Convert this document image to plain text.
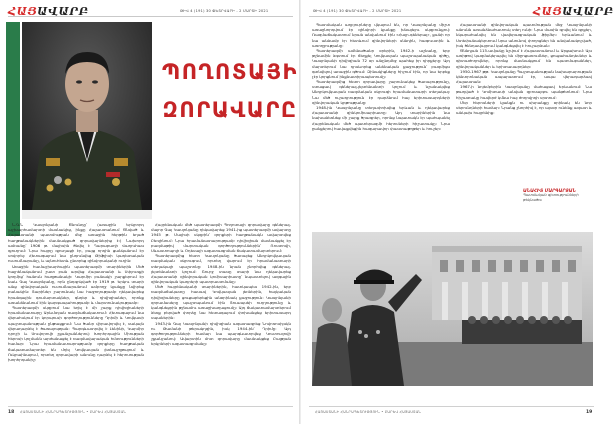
ՀԱՅԱՎԱՐԲ	ԹԻՎ 4 (191) 30 ՓԵՏՐՎԱՐԻ - 2 ՄԱՐՏԻ 2021
ՊՈՂՈՏԱՅԻ
ԶՈՐԱՎԱՐԸ

Ն.Գ.Ն Կասլոնյանի Ծնունդը՝ (առաջին Երկրորդ աշխարհամարտի մասնակից, ինքը Հայաստանում Ծնված և Հայաստանի պատմության մեջ առաջին հերթին եղած հաղթանակներին մասնակցած զորավարներից է։) Նախորդ ամռանը՝ 1906 թ. մայիսին ծնվել է Ղարաբաղի Վաղուհաս գյուղում։ Նրա հայրը գյուղացի էր, բայց որդին ցանկանում էր սովորել։ Հետագայում նա ընդունվեց Թիֆլիսի կադետական ուսումնարանը, և այնուհետև ընտրեց զինվորականի ուղին։

Առաջին համաշխարհային պատերազմի տարիներին Մեծ հայրենականում շատ բան արվեց Հայաստանի և Սփյուռքի կողմից՝ հանուն հաղթանակի։ Կարմիր բանակի շարքերում էր նաև Գայ Կասլոնյանը, որն ընդգրկված էր 1919 թ. Երկու տարի անց զինվորական ուսումնարանում ամբողջ կյանքը նվիրեց բանակին։ Տարիներ շարունակ նա հաջողությամբ ղեկավարեց հրաձգային գումարտակներ, գնդեր և դիվիզիաներ, որոնք առանձնանում էին կարգապահությամբ և մարտունակությամբ։

Պատերազմի սկզբում նա եղել է մի շարք դիվիզիաների հրամանատարը Արևմտյան ռազմաճակատում։ Հետագայում նա վերահսկում էր կորպուսի գործողությունները Ղրիմի և Կովկասի պաշտպանության ընթացքում։ Նա ծանր վիրավորվել է, սակայն վերադարձել է ծառայության։ Պարգևատրվել է Լենինի, Կարմիր դրոշի և Սուվորովի շքանշաններով։ Խորհրդային Միության հերոսի կոչմանն արժանացել է ռազմավարական հմտությունների համար։ Նրա հրամանատարությամբ զորքերը հաղթական ճակատամարտեր են մղել Կովկասյան լեռնաշղթայում և Ուկրաինայում, որտեղ զորավարի անունը դարձել է հերոսության խորհրդանիշ։

Հայրենական մեծ պատերազմի Պողոտայի զորավարը գեներալ-մայոր Գայ Կասլոնյանը ղեկավարեց 1941-ից պատերազմի ավարտը 1945 թ. Մայիսի սկզբին՝ զորքերի հաղթանակն ավարտվեց Բեռլինում։ Նրա հրամանատարությամբ դիվիզիան մասնակցել էր բազմաթիվ մարտական գործողություններին՝ Ռոստովի, Սևաստոպոլի և Օդեսայի ազատագրման ճակատամարտերում։

Պատերազմից հետո Կասլոնյանը ծառայեց Անդրկովկասյան ռազմական օկրուգում, որտեղ վարում էր հրամանատարի տեղակալի պաշտոնը։ 1948-ին նրան շնորհվեց գեներալ-լեյտենանտի կոչում։ Շուրջ տասը տարի նա ղեկավարեց Հայաստանի զինվորական կոմիսարիատը՝ նպաստելով ազգային զինվորական կադրերի պատրաստմանը։

Մեծ հայրենականի տարիներին, հատկապես 1942-ին, երբ ռազմաճակատը հասավ Կովկասյան լեռներին, հայկական դիվիզիաները ցուցաբերեցին անօրինակ քաջություն։ Կասլոնյանի զորամասերը պաշտպանում էին Տուապսեի ուղղությունը և կանգնեցրին թշնամու առաջխաղացումը։ Այդ ճակատամարտերում ձեռք բերված փորձը նա հետագայում փոխանցեց երիտասարդ սպաներին։

1943-ին Գայ Կասլոնյանի դիվիզիան ազատագրեց Նովոռոսիյսկն ու Թամանի թերակղզին, իսկ 1944-ին՝ Ղրիմը։ Այդ գործողությունների համար նա պարգևատրվեց Կուտուզովի շքանշանով։ Ավարտին մոտ զորավարը մասնակցեց Բալթյան երկրների ազատագրմանը։

ՀԱՅԱՍՏԱՆԻ ՀԱՆՐԱՊԵՏՈՒԹՅՈՒՆ • ԲԱՐԵՎ ՀԱՅԱՍՏԱՆ
18
ԹԻՎ 4 (191) 30 ՓԵՏՐՎԱՐԻ - 2 ՄԱՐՏԻ 2021	ՀԱՅԱՎԱՐԲ

Պատմական աղբյուրները վկայում են, որ Կասլոնյանը միշտ առաջնորդվում էր զինվորի կյանքը խնայելու սկզբունքով։ Ռազմաճակատում նրան անվանում էին «Հայր-գեներալ», քանի որ նա անձամբ էր հետևում զինվորների սննդին, հագուստին և առողջությանը։

Պատերազմի ամենածանր օրերին, 1942-ի աշնանը, երբ թշնամին ձգտում էր ճեղքել Կովկասյան պաշտպանական գիծը, Կասլոնյանի դիվիզիան 72 օր անընդմեջ պահեց իր դիրքերը։ Այդ մարտերում նա դրսևորեց անձնական քաջություն՝ բազմիցս գտնվելով առաջին գծում։ Զինակիցները հիշում էին, որ նա երբեք չէր կորցնում ինքնատիրապետումը։

Պատերազմից հետո զորավարը շարունակեց ծառայությունը, ստացավ գեներալ-լեյտենանտի կոչում և նշանակվեց Անդրկովկասյան ռազմական օկրուգի հրամանատարի տեղակալ։ Նա մեծ ուշադրություն էր դարձնում հայ երիտասարդների զինվորական կրթությանը։

1948-ին Կասլոնյանը տեղափոխվեց Երևան և ղեկավարեց Հայաստանի զինկոմիսարիատը։ Այդ տարիներին նա նախաձեռնեց մի շարք ծրագրեր, որոնց նպատակն էր պահպանել Հայրենական մեծ պատերազմի հերոսների հիշատակը։ Նրա ջանքերով հավաքվեցին հազարավոր փաստաթղթեր և հուշեր։

Հայաստանի զինվորական պատմության մեջ Կասլոնյանի անունն առանձնահատուկ տեղ ունի։ Նրա մասին գրվել են գրքեր, նկարահանվել են վավերագրական ֆիլմեր։ Երևանում և Ստեփանակերտում նրա անունով փողոցներ են անվանակոչված, իսկ ծննդավայրում կանգնեցվել է հուշարձան։

Ծննդյան 115-ամյակը նշվում է Հայաստանում և Արցախում։ Այս առիթով կազմակերպվել են միջոցառումներ, ցուցահանդեսներ և գիտաժողովներ, որոնց մասնակցում են պատմաբաններ, զինվորականներ և երիտասարդներ։

1950-1967 թթ. Կասլոնյանը Պաշտպանության նախարարության կենտրոնական ապարատում էր, ապա վերադարձավ Հայաստան։

1967-ի նոյեմբերին Կասլոնյանը մահացավ Երևանում։ Նա թաղված է Կոմիտասի անվան զբոսայգու պանթեոնում։ Նրա հիշատակը հավերժ կմնա հայ ժողովրդի սրտում։

Մեր հերոսների կյանքն ու սխրանքը օրինակ են նոր սերունդների համար։ Նրանց շնորհիվ է, որ այսօր ունենք ազատ և անկախ հայրենիք։

ԱՆԱՀԻՏ ՄԱՐԳԱՐՅԱՆ
Պատմական գիտությունների թեկնածու
ՀԱՅԱՍՏԱՆԻ ՀԱՆՐԱՊԵՏՈՒԹՅՈՒՆ • ԲԱՐԵՎ ՀԱՅԱՍՏԱՆ	19
